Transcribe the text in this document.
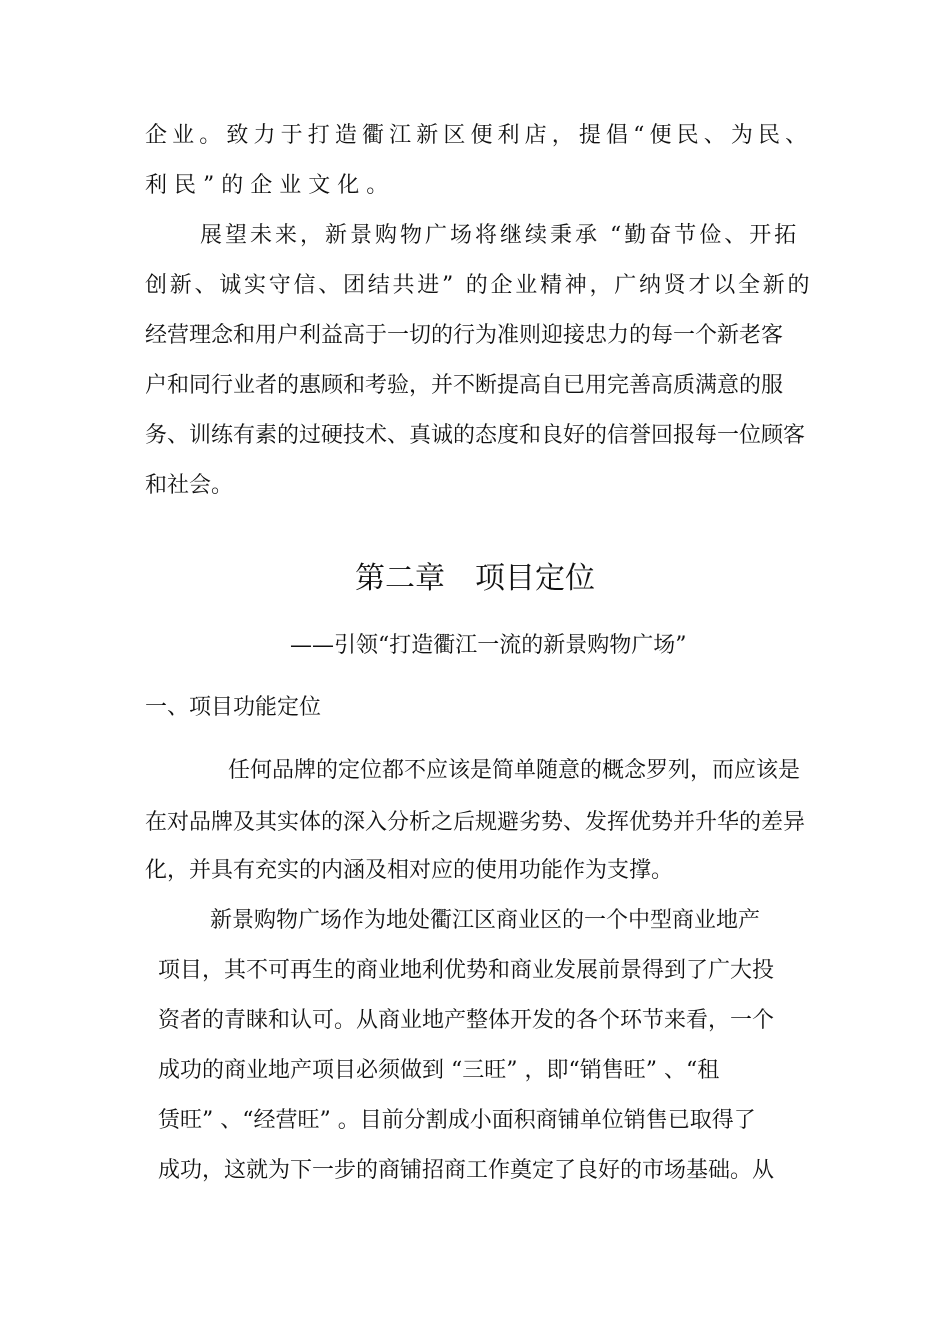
企业。致力于打造衢江新区便利店，提倡“便民、为民、
利民”的企业文化。
展望未来，新景购物广场将继续秉承 “勤奋节俭、开拓
创新、诚实守信、团结共进” 的企业精神，广纳贤才以全新的
经营理念和用户利益高于一切的行为准则迎接忠力的每一个新老客
户和同行业者的惠顾和考验，并不断提高自已用完善高质满意的服
务、训练有素的过硬技术、真诚的态度和良好的信誉回报每一位顾客
和社会。
第二章　项目定位
——引领“打造衢江一流的新景购物广场”
一、项目功能定位
任何品牌的定位都不应该是简单随意的概念罗列，而应该是
在对品牌及其实体的深入分析之后规避劣势、发挥优势并升华的差异
化，并具有充实的内涵及相对应的使用功能作为支撑。
新景购物广场作为地处衢江区商业区的一个中型商业地产
项目，其不可再生的商业地利优势和商业发展前景得到了广大投
资者的青睐和认可。从商业地产整体开发的各个环节来看，一个
成功的商业地产项目必须做到 “三旺” ，即“销售旺” 、“租
赁旺” 、“经营旺” 。目前分割成小面积商铺单位销售已取得了
成功，这就为下一步的商铺招商工作奠定了良好的市场基础。从
